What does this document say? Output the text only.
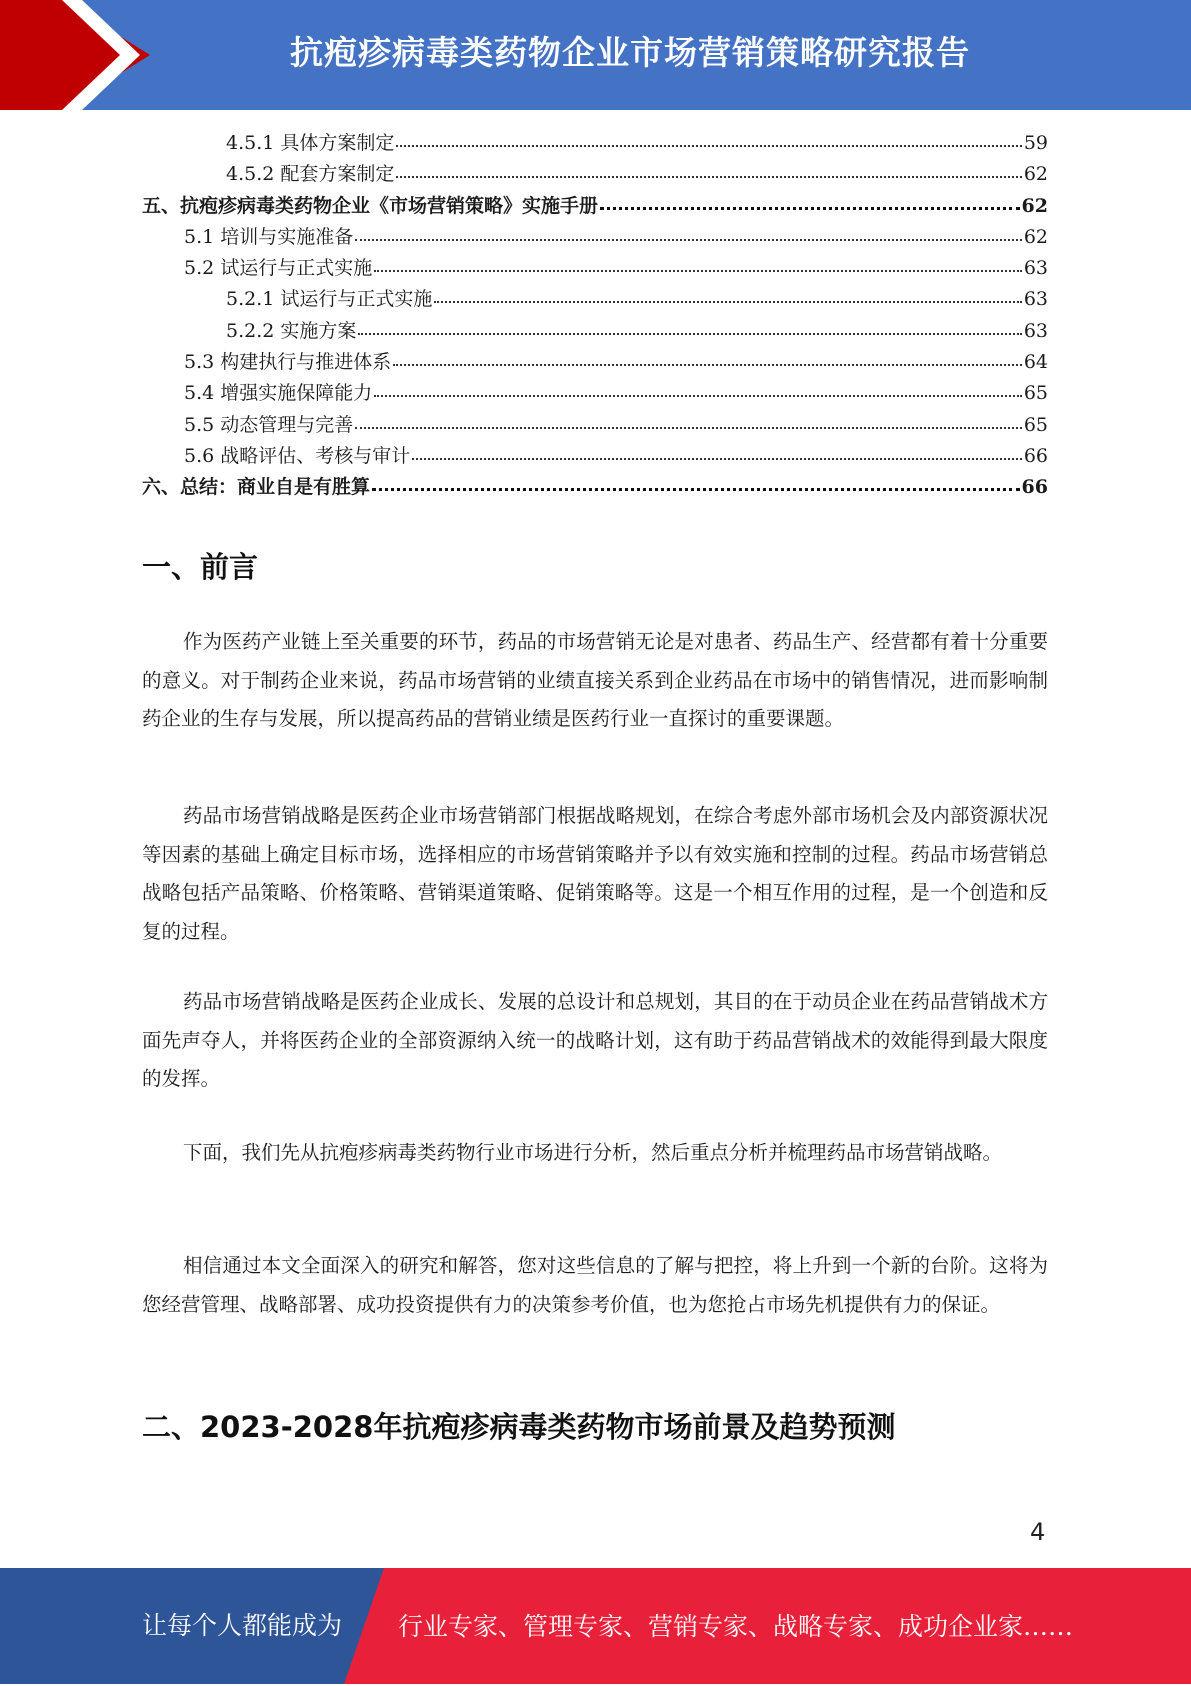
抗疱疹病毒类药物企业市场营销策略研究报告
4.5.1 具体方案制定	59
4.5.2 配套方案制定	62
五、抗疱疹病毒类药物企业《市场营销策略》实施手册	62
5.1 培训与实施准备	62
5.2 试运行与正式实施	63
5.2.1 试运行与正式实施	63
5.2.2 实施方案	63
5.3 构建执行与推进体系	64
5.4 增强实施保障能力	65
5.5 动态管理与完善	65
5.6 战略评估、考核与审计	66
六、总结：商业自是有胜算	66
一、前言

作为医药产业链上至关重要的环节，药品的市场营销无论是对患者、药品生产、经营都有着十分重要的意义。对于制药企业来说，药品市场营销的业绩直接关系到企业药品在市场中的销售情况，进而影响制药企业的生存与发展，所以提高药品的营销业绩是医药行业一直探讨的重要课题。

药品市场营销战略是医药企业市场营销部门根据战略规划，在综合考虑外部市场机会及内部资源状况等因素的基础上确定目标市场，选择相应的市场营销策略并予以有效实施和控制的过程。药品市场营销总战略包括产品策略、价格策略、营销渠道策略、促销策略等。这是一个相互作用的过程，是一个创造和反复的过程。

药品市场营销战略是医药企业成长、发展的总设计和总规划，其目的在于动员企业在药品营销战术方面先声夺人，并将医药企业的全部资源纳入统一的战略计划，这有助于药品营销战术的效能得到最大限度的发挥。

下面，我们先从抗疱疹病毒类药物行业市场进行分析，然后重点分析并梳理药品市场营销战略。

相信通过本文全面深入的研究和解答，您对这些信息的了解与把控，将上升到一个新的台阶。这将为您经营管理、战略部署、成功投资提供有力的决策参考价值，也为您抢占市场先机提供有力的保证。

二、2023-2028年抗疱疹病毒类药物市场前景及趋势预测
4
让每个人都能成为 行业专家、管理专家、营销专家、战略专家、成功企业家……
